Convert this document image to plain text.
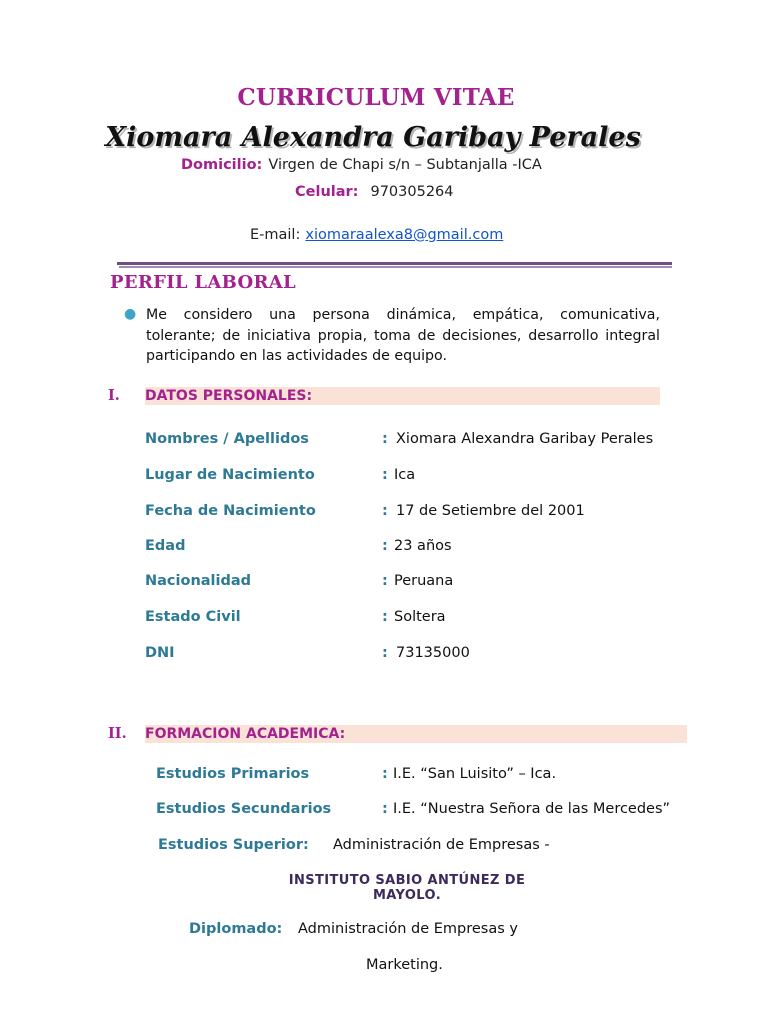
CURRICULUM VITAE
Xiomara Alexandra Garibay Perales
Domicilio: Virgen de Chapi s/n – Subtanjalla -ICA
Celular: 970305264
E-mail: xiomaraalexa8@gmail.com
PERFIL LABORAL
● Me considero una persona dinámica, empática, comunicativa, tolerante; de iniciativa propia, toma de decisiones, desarrollo integral participando en las actividades de equipo.
I. DATOS PERSONALES:
Nombres / Apellidos	: Xiomara Alexandra Garibay Perales
Lugar de Nacimiento	: Ica
Fecha de Nacimiento	: 17 de Setiembre del 2001
Edad	: 23 años
Nacionalidad	: Peruana
Estado Civil	: Soltera
DNI	: 73135000
II. FORMACION ACADEMICA:
Estudios Primarios	: I.E. “San Luisito” – Ica.
Estudios Secundarios	: I.E. “Nuestra Señora de las Mercedes”
Estudios Superior: Administración de Empresas -
INSTITUTO SABIO ANTÚNEZ DE MAYOLO.
Diplomado: Administración de Empresas y
Marketing.
